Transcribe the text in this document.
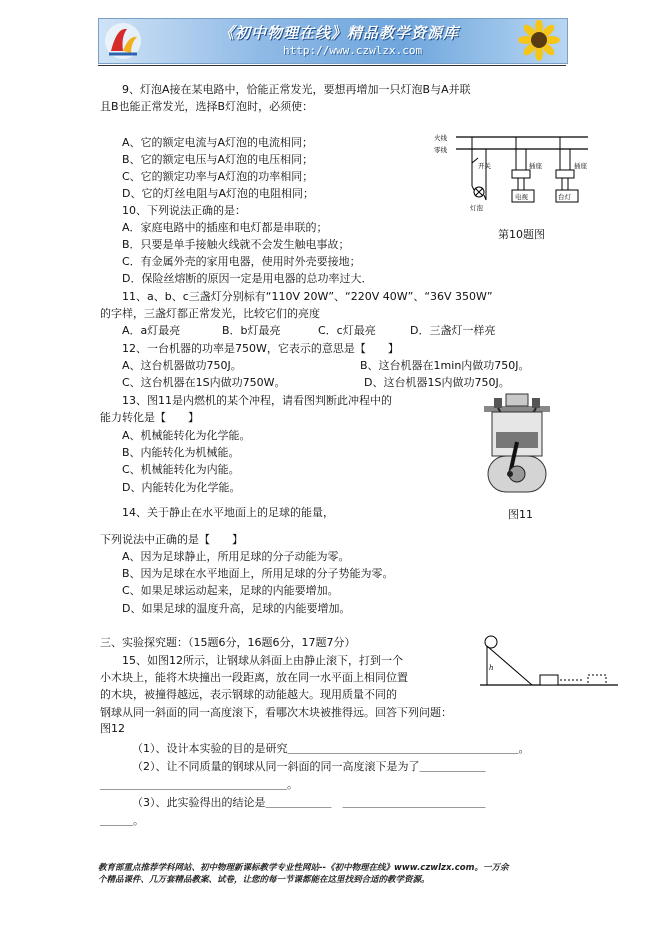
《初中物理在线》精品教学资源库
http://www.czwlzx.com
9、灯泡A接在某电路中，恰能正常发光，要想再增加一只灯泡B与A并联
且B也能正常发光，选择B灯泡时，必须使：
A、它的额定电流与A灯泡的电流相同；
B、它的额定电压与A灯泡的电压相同；
C、它的额定功率与A灯泡的功率相同；
D、它的灯丝电阻与A灯泡的电阻相同；
火线
零线
开关	插座	插座
灯泡
电视	台灯
第10题图
10、下列说法正确的是：
A．家庭电路中的插座和电灯都是串联的；
B．只要是单手接触火线就不会发生触电事故；
C．有金属外壳的家用电器，使用时外壳要接地；
D．保险丝熔断的原因一定是用电器的总功率过大．
11、a、b、c三盏灯分别标有“110V 20W”、“220V 40W”、“36V 350W”
的字样，三盏灯都正常发光，比较它们的亮度
A．a灯最亮	B．b灯最亮	C．c灯最亮	D．三盏灯一样亮
12、一台机器的功率是750W，它表示的意思是【　　】
A、这台机器做功750J。	B、这台机器在1min内做功750J。
C、这台机器在1S内做功750W。	D、这台机器1S内做功750J。
13、图11是内燃机的某个冲程，请看图判断此冲程中的
能力转化是【　　】
A、机械能转化为化学能。
B、内能转化为机械能。
C、机械能转化为内能。
D、内能转化为化学能。
图11
14、关于静止在水平地面上的足球的能量，
下列说法中正确的是【　　】
A、因为足球静止，所用足球的分子动能为零。
B、因为足球在水平地面上，所用足球的分子势能为零。
C、如果足球运动起来，足球的内能要增加。
D、如果足球的温度升高，足球的内能要增加。
三、实验探究题：（15题6分，16题6分，17题7分）
h
15、如图12所示，让钢球从斜面上由静止滚下，打到一个
小木块上，能将木块撞出一段距离，放在同一水平面上相同位置
的木块，被撞得越远，表示钢球的动能越大。现用质量不同的
钢球从同一斜面的同一高度滚下，看哪次木块被推得远。回答下列问题：
图12
（1）、设计本实验的目的是研究＿＿＿＿＿＿＿＿＿＿＿＿＿＿＿＿＿＿＿＿＿。
（2）、让不同质量的钢球从同一斜面的同一高度滚下是为了＿＿＿＿＿＿
＿＿＿＿＿＿＿＿＿＿＿＿＿＿＿＿＿。
（3）、此实验得出的结论是＿＿＿＿＿＿　＿＿＿＿＿＿＿＿＿＿＿＿＿
＿＿＿。
教育部重点推荐学科网站、初中物理新课标教学专业性网站--《初中物理在线》www.czwlzx.com。一万余
个精品课件、几万套精品教案、试卷，让您的每一节课都能在这里找到合适的教学资源。
